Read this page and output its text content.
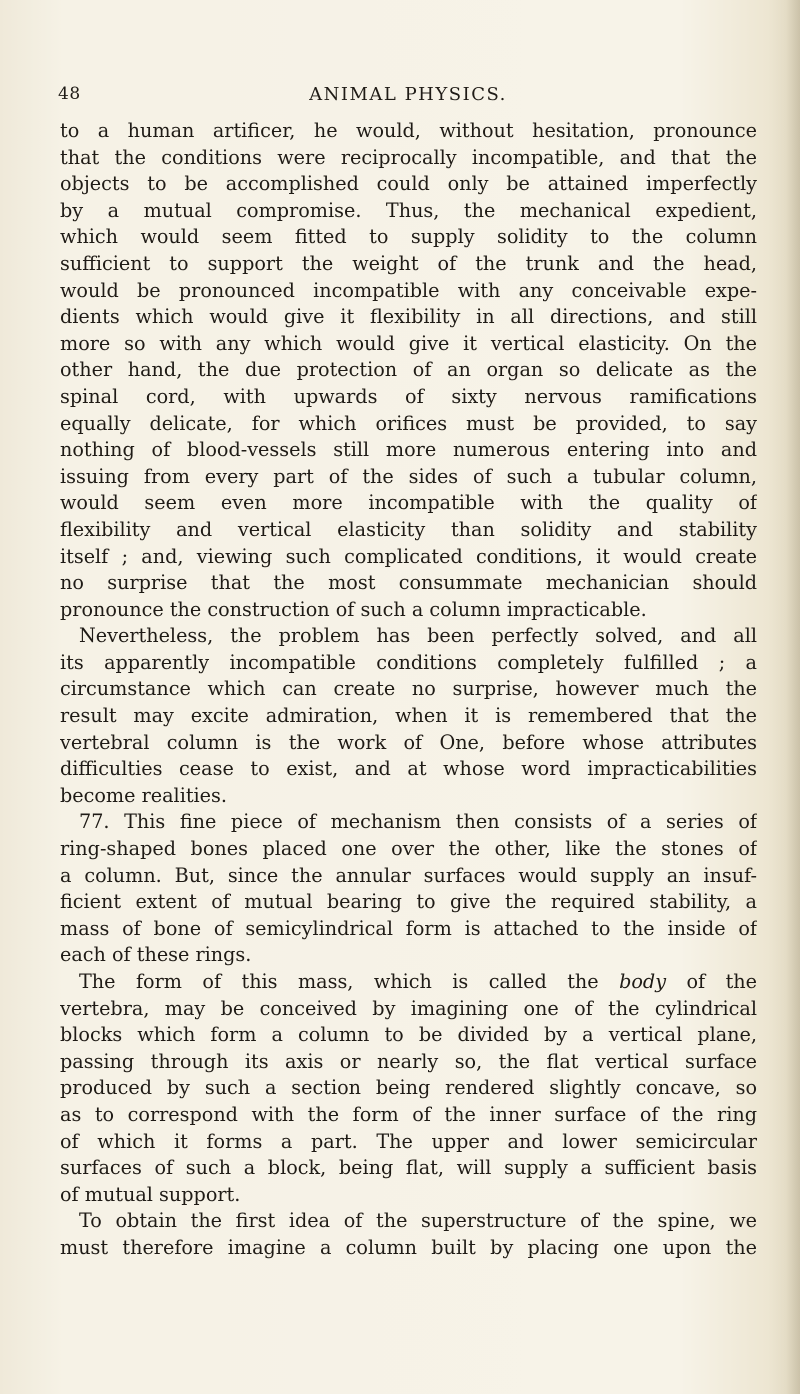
48	ANIMAL PHYSICS.
to a human artificer, he would, without hesitation, pronounce
that the conditions were reciprocally incompatible, and that the
objects to be accomplished could only be attained imperfectly
by a mutual compromise. Thus, the mechanical expedient,
which would seem fitted to supply solidity to the column
sufficient to support the weight of the trunk and the head,
would be pronounced incompatible with any conceivable expe-
dients which would give it flexibility in all directions, and still
more so with any which would give it vertical elasticity. On the
other hand, the due protection of an organ so delicate as the
spinal cord, with upwards of sixty nervous ramifications
equally delicate, for which orifices must be provided, to say
nothing of blood-vessels still more numerous entering into and
issuing from every part of the sides of such a tubular column,
would seem even more incompatible with the quality of
flexibility and vertical elasticity than solidity and stability
itself ; and, viewing such complicated conditions, it would create
no surprise that the most consummate mechanician should
pronounce the construction of such a column impracticable.
Nevertheless, the problem has been perfectly solved, and all
its apparently incompatible conditions completely fulfilled ; a
circumstance which can create no surprise, however much the
result may excite admiration, when it is remembered that the
vertebral column is the work of One, before whose attributes
difficulties cease to exist, and at whose word impracticabilities
become realities.
77. This fine piece of mechanism then consists of a series of
ring-shaped bones placed one over the other, like the stones of
a column. But, since the annular surfaces would supply an insuf-
ficient extent of mutual bearing to give the required stability, a
mass of bone of semicylindrical form is attached to the inside of
each of these rings.
The form of this mass, which is called the body of the
vertebra, may be conceived by imagining one of the cylindrical
blocks which form a column to be divided by a vertical plane,
passing through its axis or nearly so, the flat vertical surface
produced by such a section being rendered slightly concave, so
as to correspond with the form of the inner surface of the ring
of which it forms a part. The upper and lower semicircular
surfaces of such a block, being flat, will supply a sufficient basis
of mutual support.
To obtain the first idea of the superstructure of the spine, we
must therefore imagine a column built by placing one upon the
